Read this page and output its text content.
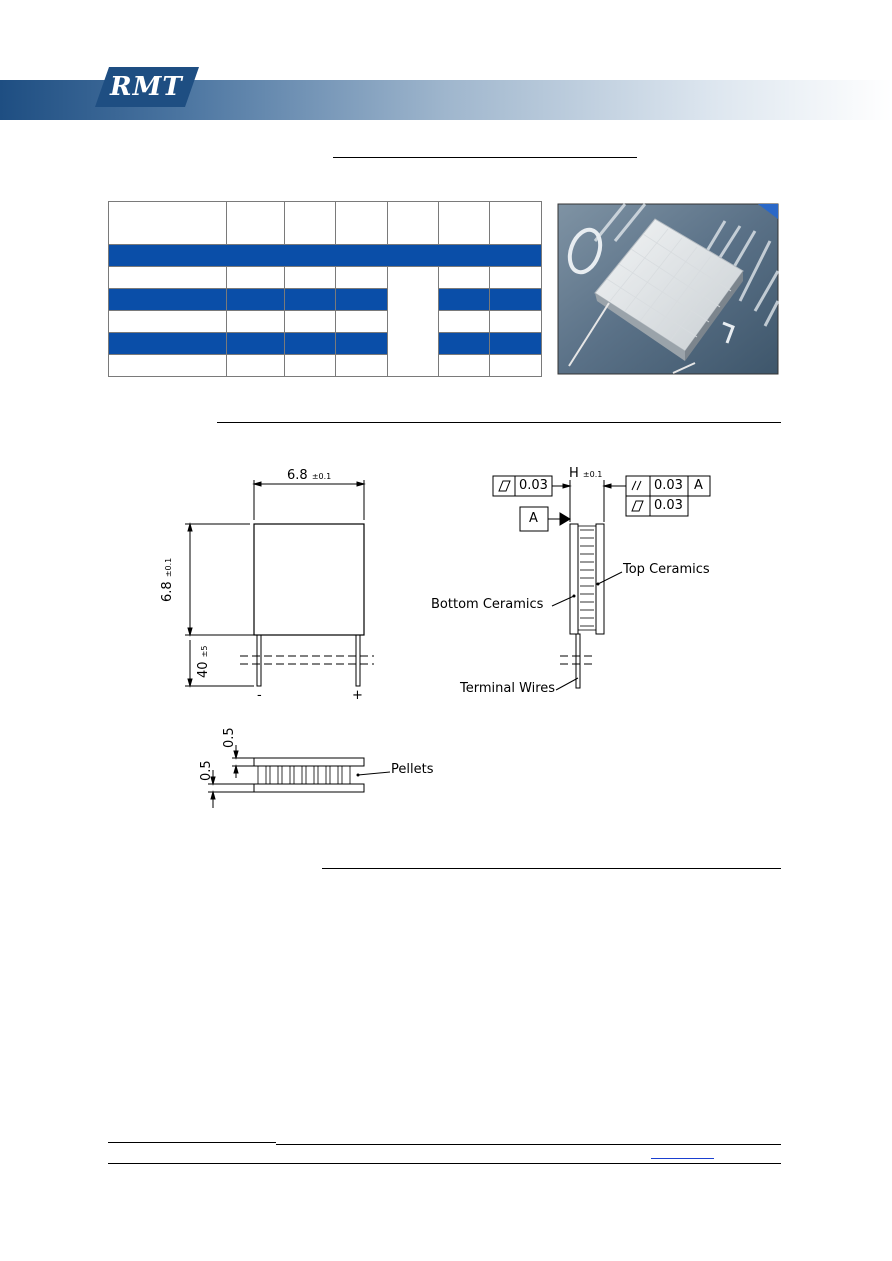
RMT

6.8 ±0.1
6.8 ±0.1
40 ±5
-	+
H ±0.1
0.03	0.03 A
0.03
A
Top Ceramics
Bottom Ceramics
Terminal Wires
0.5
0.5	Pellets
